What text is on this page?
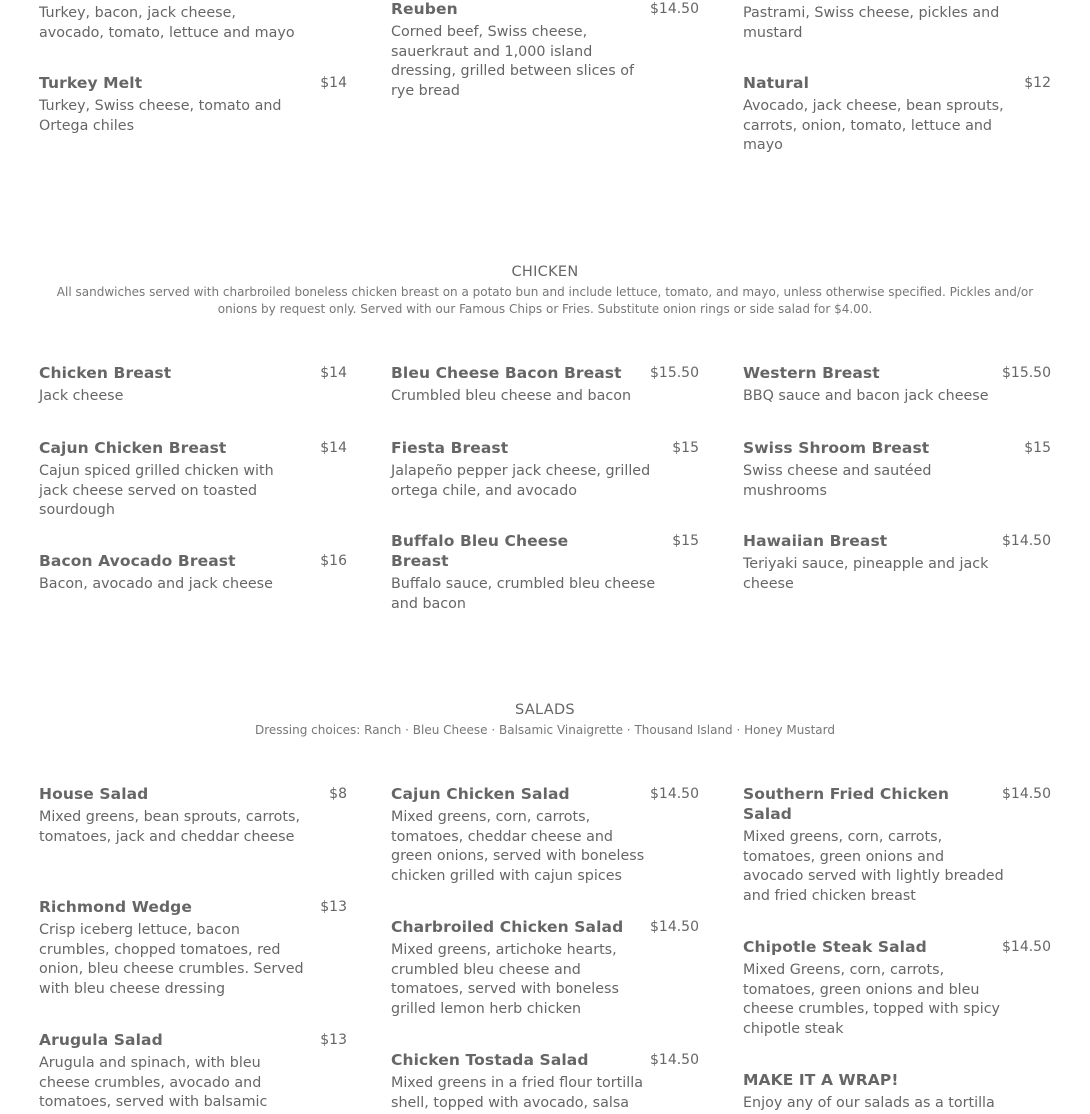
Turkey, bacon, jack cheese, avocado, tomato, lettuce and mayo
Reuben	$14.50
Corned beef, Swiss cheese, sauerkraut and 1,000 island dressing, grilled between slices of rye bread
Pastrami, Swiss cheese, pickles and mustard
Turkey Melt	$14
Turkey, Swiss cheese, tomato and Ortega chiles
Natural	$12
Avocado, jack cheese, bean sprouts, carrots, onion, tomato, lettuce and mayo
CHICKEN
All sandwiches served with charbroiled boneless chicken breast on a potato bun and include lettuce, tomato, and mayo, unless otherwise specified. Pickles and/or onions by request only. Served with our Famous Chips or Fries. Substitute onion rings or side salad for $4.00.
Chicken Breast	$14
Jack cheese
Bleu Cheese Bacon Breast	$15.50
Crumbled bleu cheese and bacon
Western Breast	$15.50
BBQ sauce and bacon jack cheese
Cajun Chicken Breast	$14
Cajun spiced grilled chicken with jack cheese served on toasted sourdough
Fiesta Breast	$15
Jalapeño pepper jack cheese, grilled ortega chile, and avocado
Swiss Shroom Breast	$15
Swiss cheese and sautéed mushrooms
Bacon Avocado Breast	$16
Bacon, avocado and jack cheese
Buffalo Bleu Cheese Breast
$15
Buffalo sauce, crumbled bleu cheese and bacon
Hawaiian Breast	$14.50
Teriyaki sauce, pineapple and jack cheese
SALADS
Dressing choices: Ranch · Bleu Cheese · Balsamic Vinaigrette · Thousand Island · Honey Mustard
House Salad	$8
Mixed greens, bean sprouts, carrots, tomatoes, jack and cheddar cheese
Cajun Chicken Salad	$14.50
Mixed greens, corn, carrots, tomatoes, cheddar cheese and green onions, served with boneless chicken grilled with cajun spices
Southern Fried Chicken Salad
$14.50
Mixed greens, corn, carrots, tomatoes, green onions and avocado served with lightly breaded and fried chicken breast
Richmond Wedge	$13
Crisp iceberg lettuce, bacon crumbles, chopped tomatoes, red onion, bleu cheese crumbles. Served with bleu cheese dressing
Charbroiled Chicken Salad	$14.50
Mixed greens, artichoke hearts, crumbled bleu cheese and tomatoes, served with boneless grilled lemon herb chicken
Chipotle Steak Salad	$14.50
Mixed Greens, corn, carrots, tomatoes, green onions and bleu cheese crumbles, topped with spicy chipotle steak
Arugula Salad	$13
Arugula and spinach, with bleu cheese crumbles, avocado and tomatoes, served with balsamic
Chicken Tostada Salad	$14.50
Mixed greens in a fried flour tortilla shell, topped with avocado, salsa
MAKE IT A WRAP!
Enjoy any of our salads as a tortilla
